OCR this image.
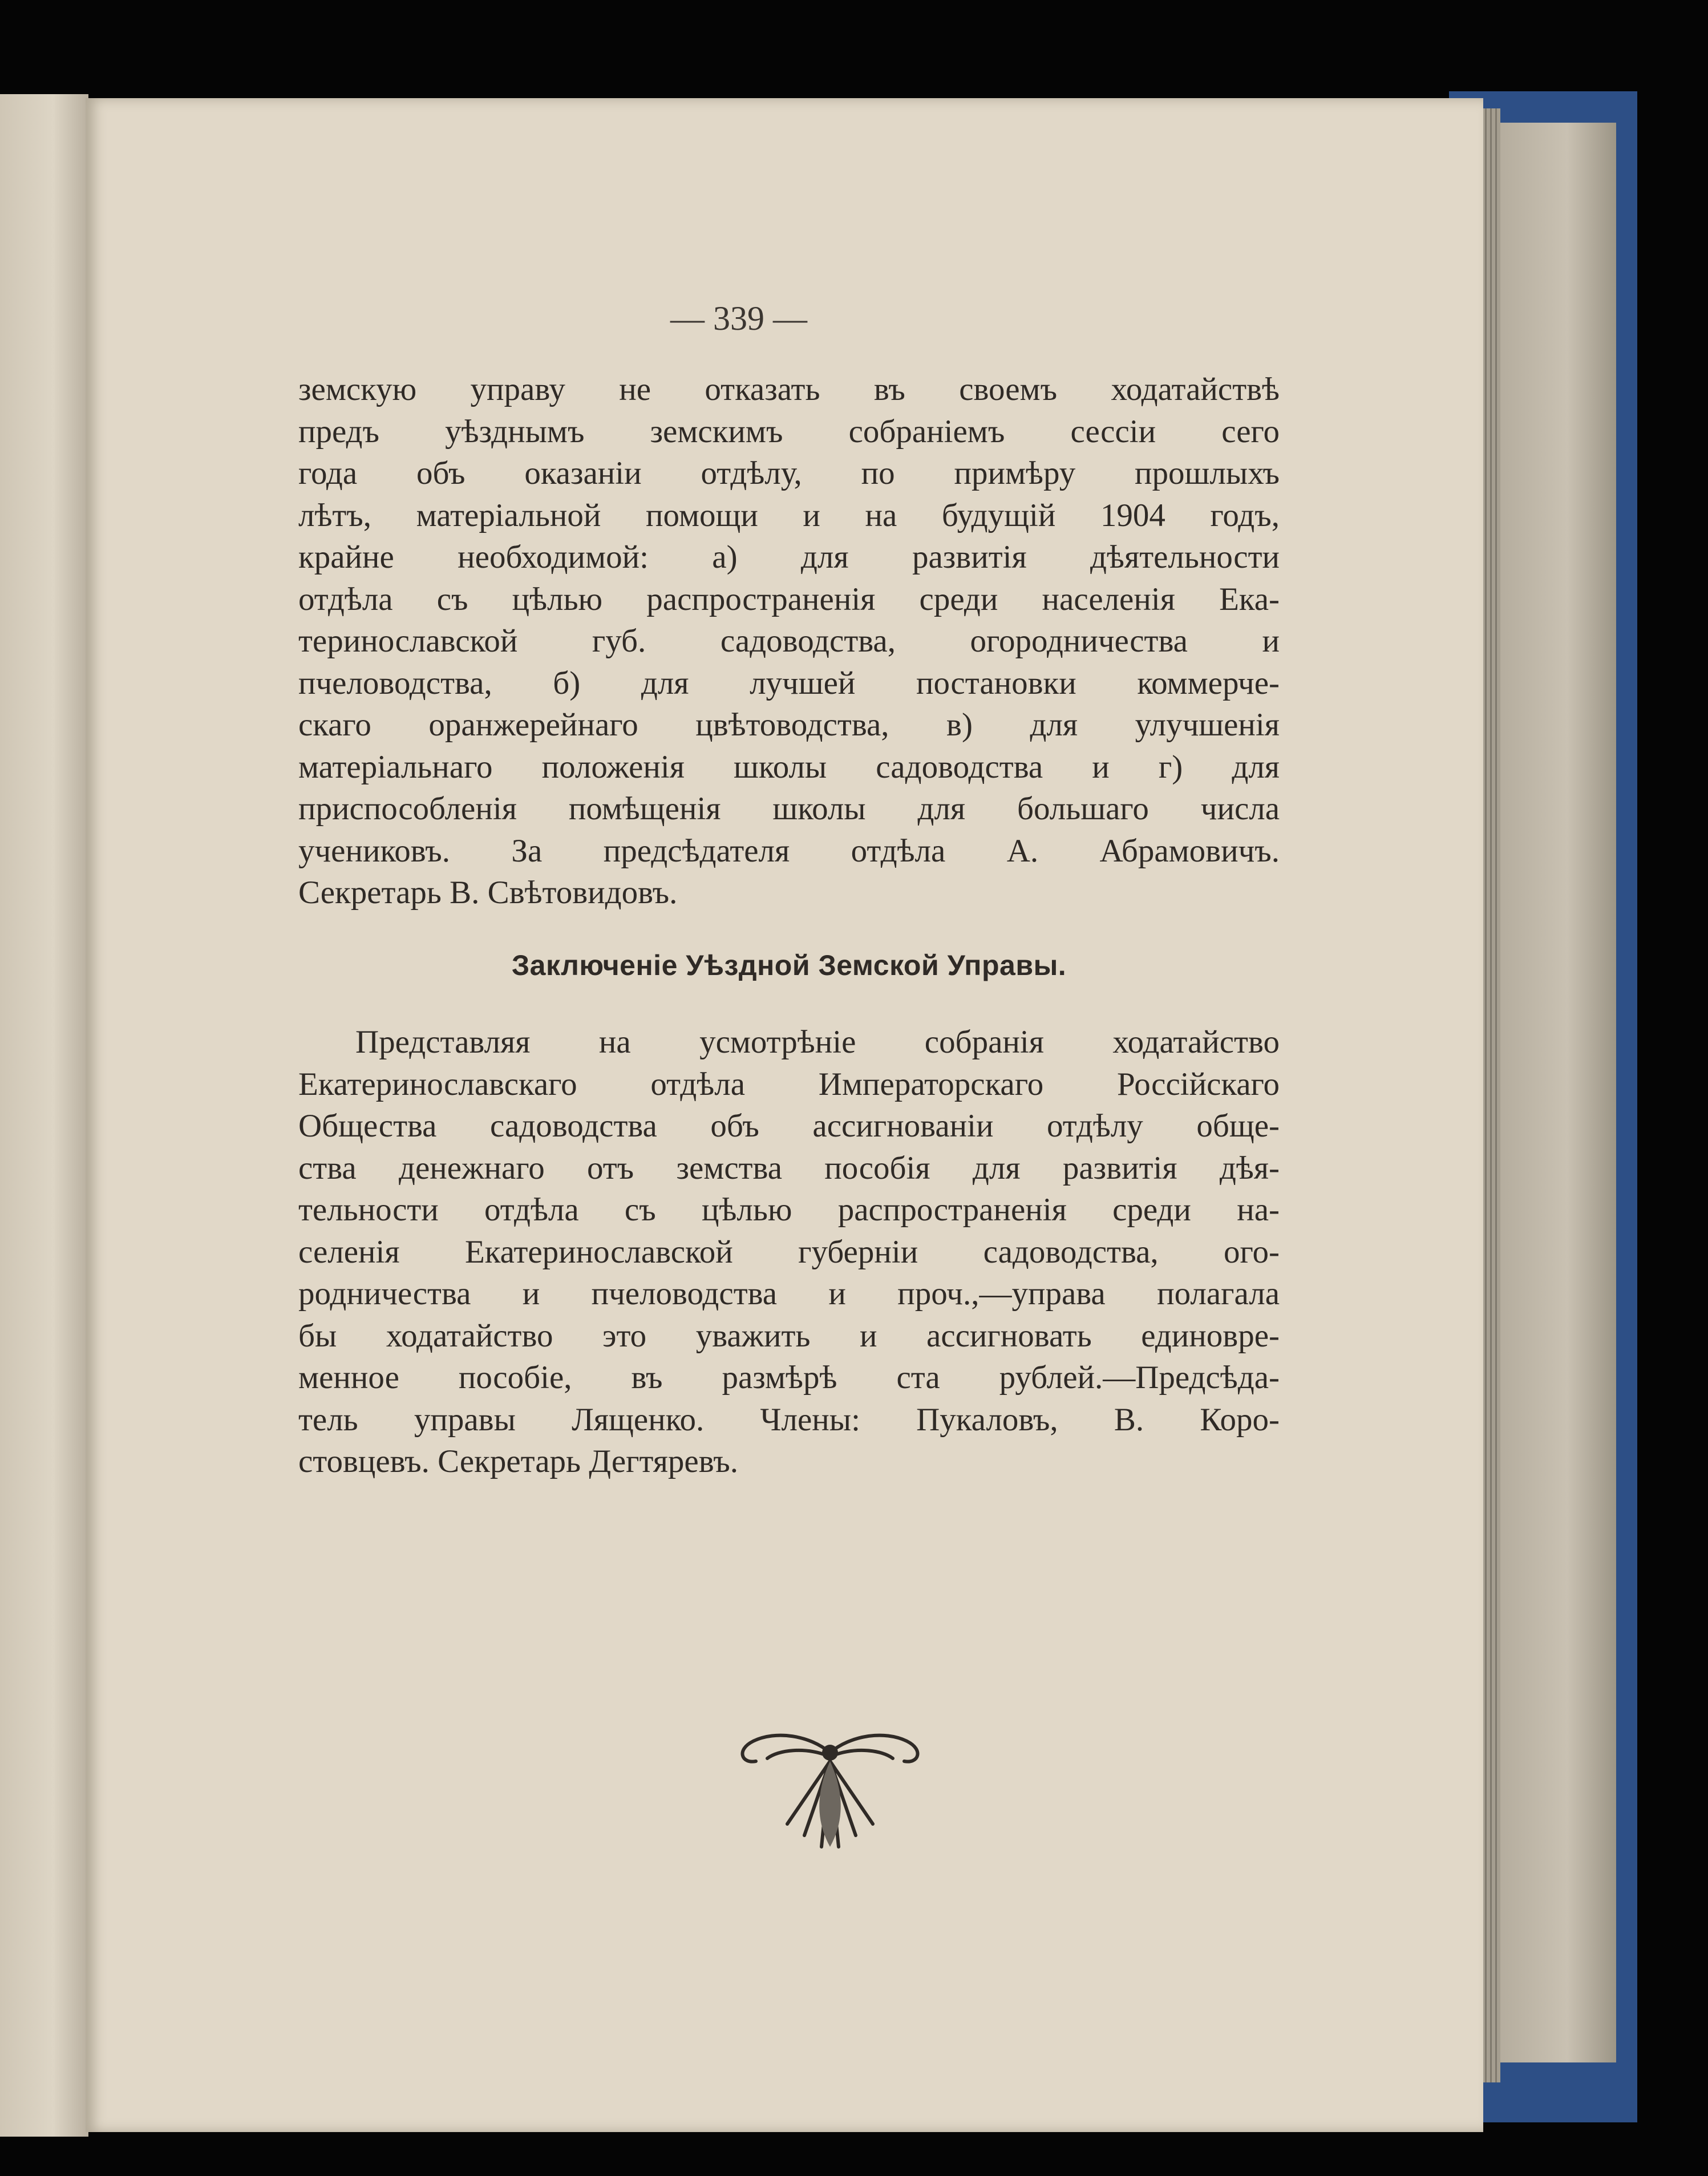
— 339 —
земскую управу не отказать въ своемъ ходатайствѣ
предъ уѣзднымъ земскимъ собраніемъ сессіи сего
года объ оказаніи отдѣлу, по примѣру прошлыхъ
лѣтъ, матеріальной помощи и на будущій 1904 годъ,
крайне необходимой: а) для развитія дѣятельности
отдѣла съ цѣлью распространенія среди населенія Ека-
теринославской губ. садоводства, огородничества и
пчеловодства, б) для лучшей постановки коммерче-
скаго оранжерейнаго цвѣтоводства, в) для улучшенія
матеріальнаго положенія школы садоводства и г) для
приспособленія помѣщенія школы для большаго числа
учениковъ. За предсѣдателя отдѣла А. Абрамовичъ.
Секретарь В. Свѣтовидовъ.
Заключеніе Уѣздной Земской Управы.
Представляя на усмотрѣніе собранія ходатайство
Екатеринославскаго отдѣла Императорскаго Россійскаго
Общества садоводства объ ассигнованіи отдѣлу обще-
ства денежнаго отъ земства пособія для развитія дѣя-
тельности отдѣла съ цѣлью распространенія среди на-
селенія Екатеринославской губерніи садоводства, ого-
родничества и пчеловодства и проч.,—управа полагала
бы ходатайство это уважить и ассигновать единовре-
менное пособіе, въ размѣрѣ ста рублей.—Предсѣда-
тель управы Лященко. Члены: Пукаловъ, В. Коро-
стовцевъ. Секретарь Дегтяревъ.
